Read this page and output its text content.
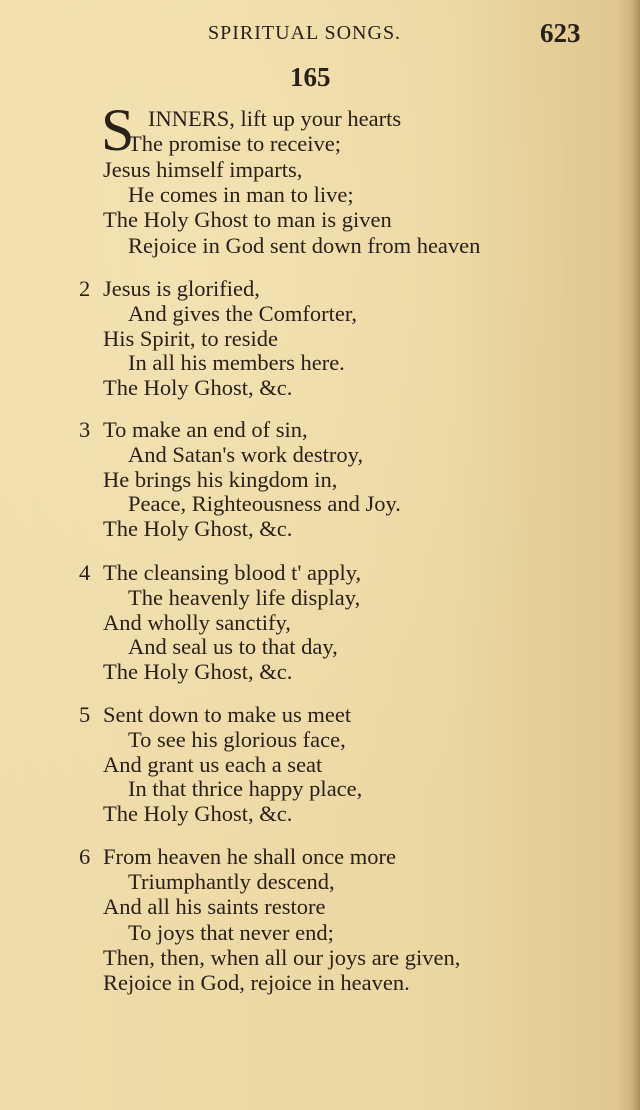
SPIRITUAL SONGS.	623
165
S INNERS, lift up your hearts
The promise to receive;
Jesus himself imparts,
He comes in man to live;
The Holy Ghost to man is given
Rejoice in God sent down from heaven
2 Jesus is glorified,
And gives the Comforter,
His Spirit, to reside
In all his members here.
The Holy Ghost, &c.
3 To make an end of sin,
And Satan's work destroy,
He brings his kingdom in,
Peace, Righteousness and Joy.
The Holy Ghost, &c.
4 The cleansing blood t' apply,
The heavenly life display,
And wholly sanctify,
And seal us to that day,
The Holy Ghost, &c.
5 Sent down to make us meet
To see his glorious face,
And grant us each a seat
In that thrice happy place,
The Holy Ghost, &c.
6 From heaven he shall once more
Triumphantly descend,
And all his saints restore
To joys that never end;
Then, then, when all our joys are given,
Rejoice in God, rejoice in heaven.
